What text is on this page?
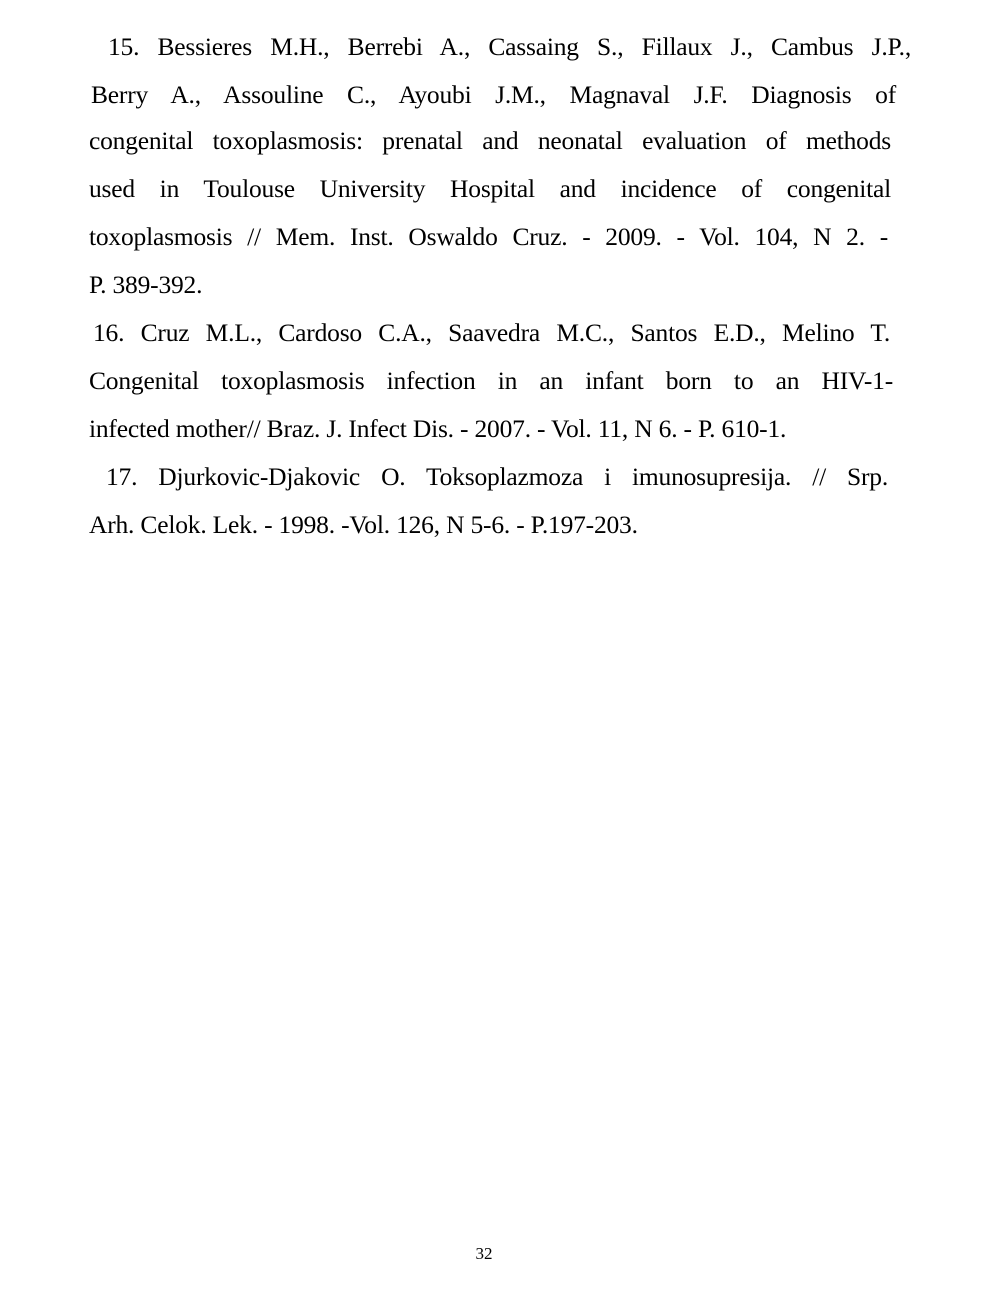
15. Bessieres M.H., Berrebi A., Cassaing S., Fillaux J., Cambus J.P.,
Berry A., Assouline C., Ayoubi J.M., Magnaval J.F. Diagnosis of
congenital toxoplasmosis: prenatal and neonatal evaluation of methods
used in Toulouse University Hospital and incidence of congenital
toxoplasmosis // Mem. Inst. Oswaldo Cruz. - 2009. - Vol. 104, N 2. -
P. 389-392.
16. Cruz M.L., Cardoso C.A., Saavedra M.C., Santos E.D., Melino T.
Congenital toxoplasmosis infection in an infant born to an HIV-1-
infected mother// Braz. J. Infect Dis. - 2007. - Vol. 11, N 6. - P. 610-1.
17. Djurkovic-Djakovic O. Toksoplazmoza i imunosupresija. // Srp.
Arh. Celok. Lek. - 1998. -Vol. 126, N 5-6. - P.197-203.
32
